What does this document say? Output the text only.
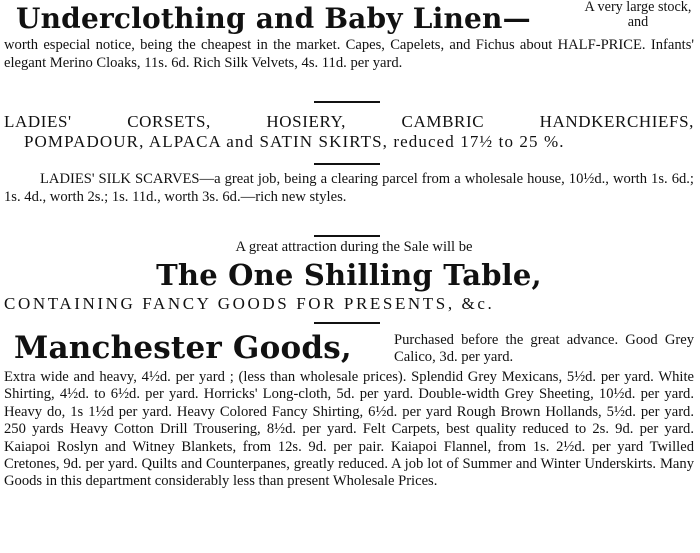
A very large stock, and
Underclothing and Baby Linen—
worth especial notice, being the cheapest in the market. Capes, Capelets, and Fichus about HALF-PRICE. Infants' elegant Merino Cloaks, 11s. 6d. Rich Silk Velvets, 4s. 11d. per yard.
LADIES' CORSETS, HOSIERY, CAMBRIC HANDKERCHIEFS,
POMPADOUR, ALPACA and SATIN SKIRTS, reduced 17½ to 25 %.
LADIES' SILK SCARVES—a great job, being a clearing parcel from a wholesale house, 10½d., worth 1s. 6d.; 1s. 4d., worth 2s.; 1s. 11d., worth 3s. 6d.—rich new styles.
A great attraction during the Sale will be
The One Shilling Table,
CONTAINING FANCY GOODS FOR PRESENTS, &c.
Purchased before the great advance. Good Grey Calico, 3d. per yard.
Manchester Goods,
Extra wide and heavy, 4½d. per yard ; (less than wholesale prices). Splendid Grey Mexicans, 5½d. per yard. White Shirting, 4½d. to 6½d. per yard. Horricks' Long-cloth, 5d. per yard. Double-width Grey Sheeting, 10½d. per yard. Heavy do, 1s 1½d per yard. Heavy Colored Fancy Shirting, 6½d. per yard Rough Brown Hollands, 5½d. per yard. 250 yards Heavy Cotton Drill Trousering, 8½d. per yard. Felt Carpets, best quality reduced to 2s. 9d. per yard. Kaiapoi Roslyn and Witney Blankets, from 12s. 9d. per pair. Kaiapoi Flannel, from 1s. 2½d. per yard Twilled Cretones, 9d. per yard. Quilts and Counterpanes, greatly reduced. A job lot of Summer and Winter Underskirts. Many Goods in this department considerably less than present Wholesale Prices.
